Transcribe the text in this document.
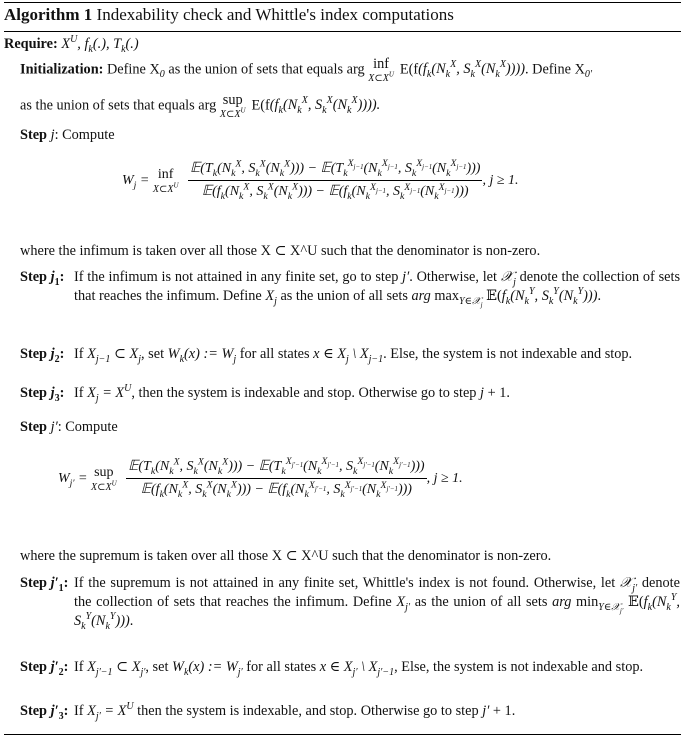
Algorithm 1 Indexability check and Whittle's index computations
Require: $X^U$, $f_k(.)$, $T_k(.)$
Initialization: Define $X_0$ as the union of sets that equals arg inf
$X\subset X^U$ $E(f(f_k(N_k^X$, $S_k^X(N_k^X)$))). Define $X_{0'}$
as the union of sets that equals arg sup
$X\subset X^U$ $E(f(f_k(N_k^X$, $S_k^X(N_k^X)$))).
Step j: Compute
$W_j$ = inf
$X\subset X^U$
$\frac{𝔼(T_k(N_k^X, S_k^X(N_k^X))) - 𝔼(T_k^{X_{j-1}}(N_k^{X_{j-1}}, S_k^{X_{j-1}}(N_k^{X_{j-1}})))}{𝔼(f_k(N_k^X, S_k^X(N_k^X))) - 𝔼(f_k(N_k^{X_{j-1}}, S_k^{X_{j-1}}(N_k^{X_{j-1}})))}$ , j ≥ 1.
where the infimum is taken over all those X ⊂ X^U such that the denominator is non-zero.
Step $j_1$: If the infimum is not attained in any finite set, go to step j′. Otherwise, let 𝒳$_j$ denote the collection of sets that reaches the infimum. Define $X_j$ as the union of all sets arg $\max_{Y\in 𝒳_j}$ $𝔼(f_k(N_k^Y$, $S_k^Y(N_k^Y)$)).
Step $j_2$: If $X_{j-1}$ ⊂ $X_j$, set $W_k(x)$ := $W_j$ for all states x ∈ $X_j$ \ $X_{j-1}$. Else, the system is not indexable and stop.
Step $j_3$: If $X_j = X^U$, then the system is indexable and stop. Otherwise go to step j + 1.
Step j′: Compute
$W_{j'}$ = sup
$X\subset X^U$

$𝔼(T_k(N_k^X$, $S_k^X(N_k^X)$)) − $𝔼(T_k^{X_{j'-1}}(N_k^{X_{j'-1}}$, $S_k^{X_{j'-1}}(N_k^{X_{j'-1}})$))
$𝔼(f_k(N_k^X$, $S_k^X(N_k^X)$)) − $𝔼(f_k(N_k^{X_{j'-1}}$, $S_k^{X_{j'-1}}(N_k^{X_{j'-1}})$))
, j ≥ 1.
where the supremum is taken over all those X ⊂ X^U such that the denominator is non-zero.
Step $j'_1$: If the supremum is not attained in any finite set, Whittle's index is not found. Otherwise, let 𝒳$_{j'}$ denote the collection of sets that reaches the infimum. Define $X_{j'}$ as the union of all sets arg $\min_{Y\in 𝒳_{j'}}$ $𝔼(f_k(N_k^Y$, $S_k^Y(N_k^Y)$)).
Step $j'_2$: If $X_{j'-1}$ ⊂ $X_{j'}$, set $W_k(x)$ := $W_{j'}$ for all states x ∈ $X_{j'}$ \ $X_{j'-1}$, Else, the system is not indexable and stop.
Step $j'_3$: If $X_{j'} = X^U$ then the system is indexable, and stop. Otherwise go to step j′ + 1.
